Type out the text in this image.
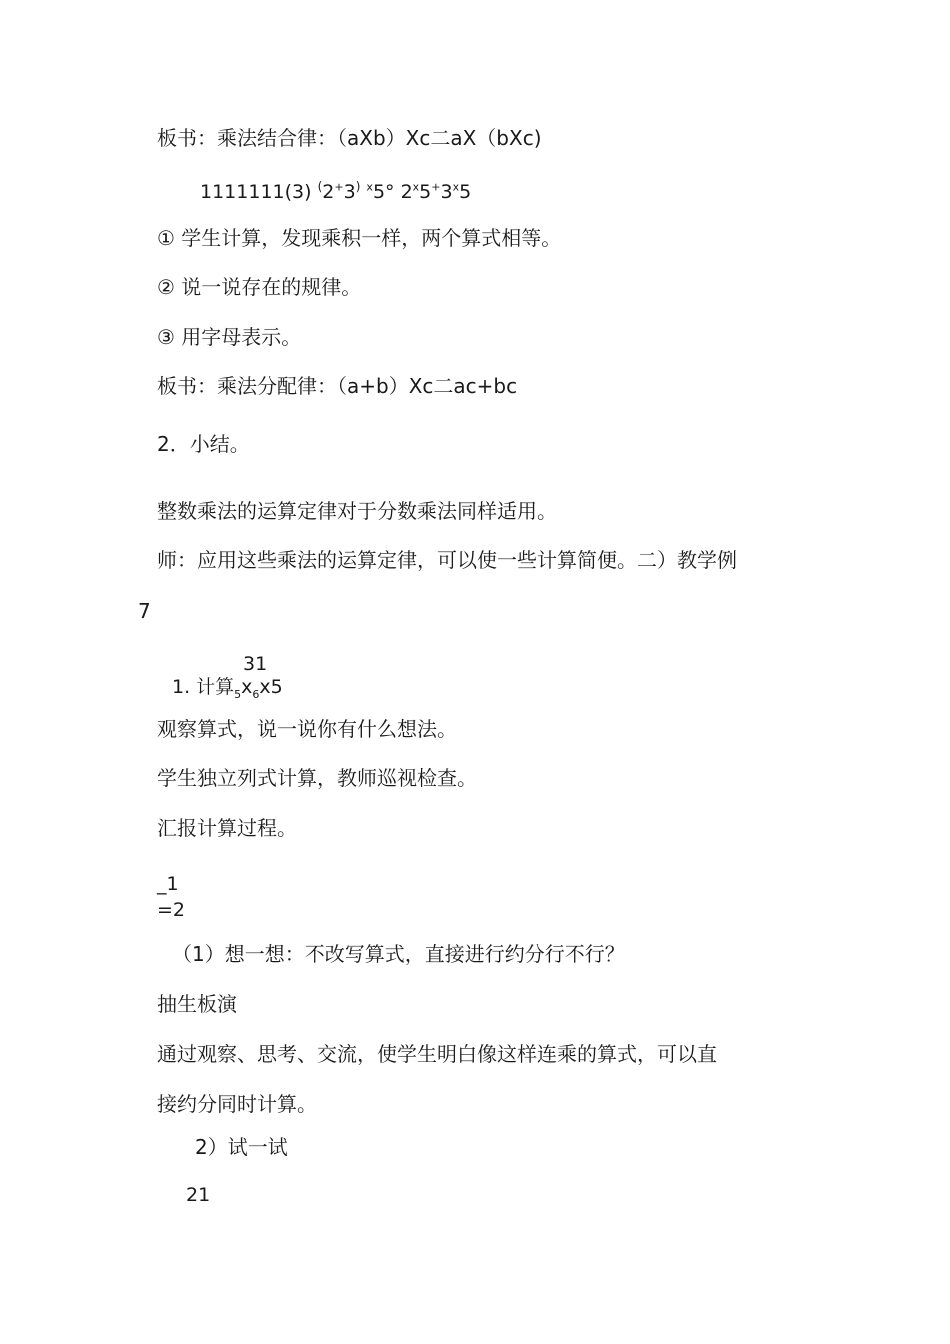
板书：乘法结合律：（aXb）Xc二aX（bXc)
1111111(3) (2+3) $^x$5° 2$^x$5+3$^x$5
① 学生计算，发现乘积一样，两个算式相等。
② 说一说存在的规律。
③ 用字母表示。
板书：乘法分配律：（a+b）Xc二ac+bc
2．小结。
整数乘法的运算定律对于分数乘法同样适用。
师：应用这些乘法的运算定律，可以使一些计算简便。二）教学例
7
31
1. 计算$_5x_6x5$
观察算式，说一说你有什么想法。
学生独立列式计算，教师巡视检查。
汇报计算过程。
_1
=2
（1）想一想：不改写算式，直接进行约分行不行？
抽生板演
通过观察、思考、交流，使学生明白像这样连乘的算式，可以直
接约分同时计算。
2）试一试
21
